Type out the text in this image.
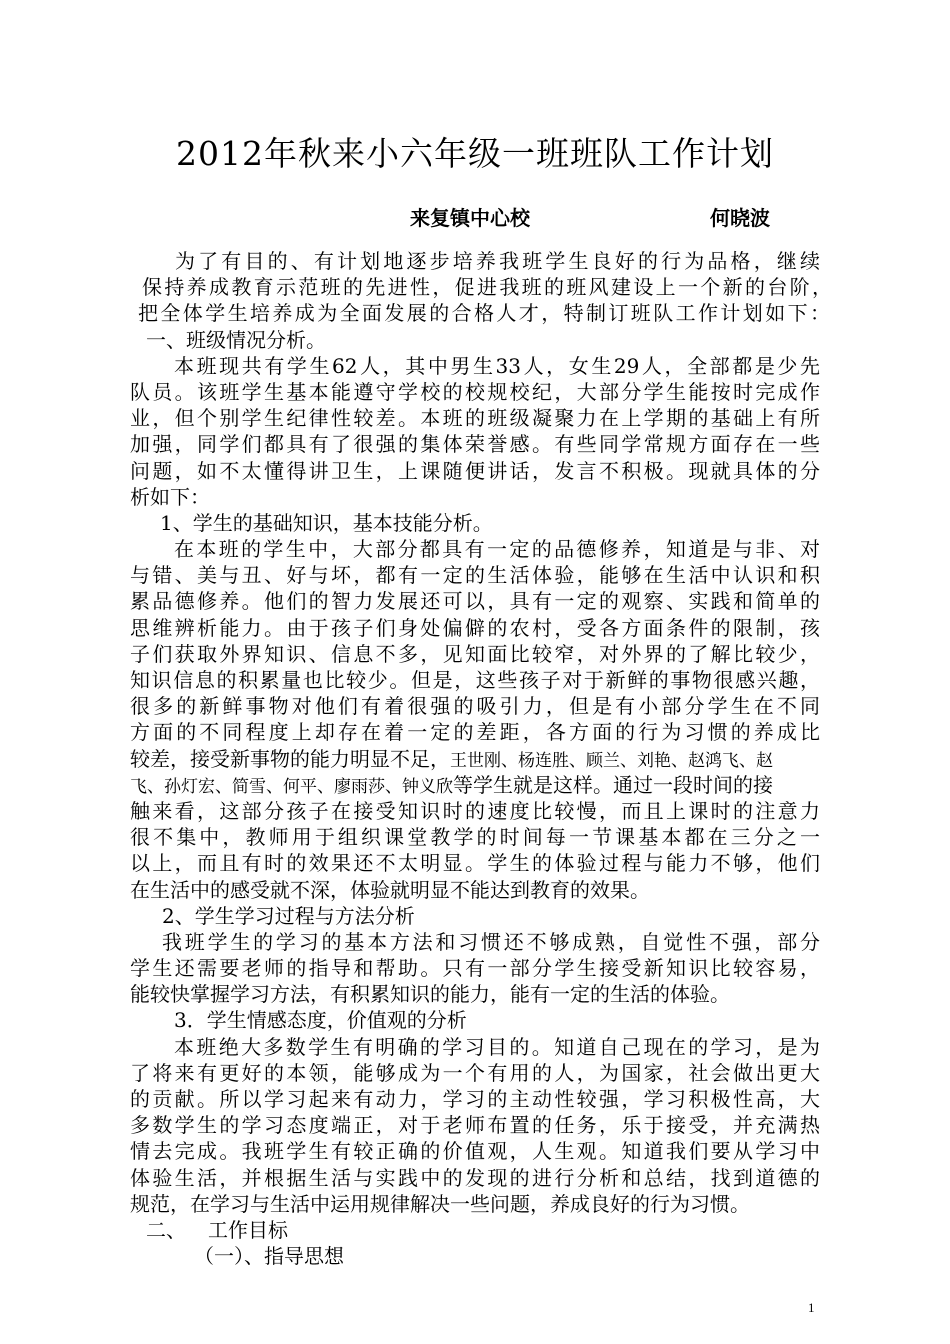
2012年秋来小六年级一班班队工作计划
来复镇中心校	何晓波
为了有目的、有计划地逐步培养我班学生良好的行为品格，继续
保持养成教育示范班的先进性，促进我班的班风建设上一个新的台阶，
把全体学生培养成为全面发展的合格人才，特制订班队工作计划如下：
一、班级情况分析。
本班现共有学生62人，其中男生33人，女生29人，全部都是少先
队员。该班学生基本能遵守学校的校规校纪，大部分学生能按时完成作
业，但个别学生纪律性较差。本班的班级凝聚力在上学期的基础上有所
加强，同学们都具有了很强的集体荣誉感。有些同学常规方面存在一些
问题，如不太懂得讲卫生，上课随便讲话，发言不积极。现就具体的分
析如下：
1、学生的基础知识，基本技能分析。
在本班的学生中，大部分都具有一定的品德修养，知道是与非、对
与错、美与丑、好与坏，都有一定的生活体验，能够在生活中认识和积
累品德修养。他们的智力发展还可以，具有一定的观察、实践和简单的
思维辨析能力。由于孩子们身处偏僻的农村，受各方面条件的限制，孩
子们获取外界知识、信息不多，见知面比较窄，对外界的了解比较少，
知识信息的积累量也比较少。但是，这些孩子对于新鲜的事物很感兴趣，
很多的新鲜事物对他们有着很强的吸引力，但是有小部分学生在不同
方面的不同程度上却存在着一定的差距，各方面的行为习惯的养成比
较差，接受新事物的能力明显不足，王世刚、杨连胜、顾兰、刘艳、赵鸿飞、赵
飞、孙灯宏、简雪、何平、廖雨莎、钟义欣等学生就是这样。通过一段时间的接
触来看，这部分孩子在接受知识时的速度比较慢，而且上课时的注意力
很不集中，教师用于组织课堂教学的时间每一节课基本都在三分之一
以上，而且有时的效果还不太明显。学生的体验过程与能力不够，他们
在生活中的感受就不深，体验就明显不能达到教育的效果。
2、学生学习过程与方法分析
我班学生的学习的基本方法和习惯还不够成熟，自觉性不强，部分
学生还需要老师的指导和帮助。只有一部分学生接受新知识比较容易，
能较快掌握学习方法，有积累知识的能力，能有一定的生活的体验。
3．学生情感态度，价值观的分析
本班绝大多数学生有明确的学习目的。知道自己现在的学习，是为
了将来有更好的本领，能够成为一个有用的人，为国家，社会做出更大
的贡献。所以学习起来有动力，学习的主动性较强，学习积极性高，大
多数学生的学习态度端正，对于老师布置的任务，乐于接受，并充满热
情去完成。我班学生有较正确的价值观，人生观。知道我们要从学习中
体验生活，并根据生活与实践中的发现的进行分析和总结，找到道德的
规范，在学习与生活中运用规律解决一些问题，养成良好的行为习惯。
二、 工作目标
（一）、指导思想
1
